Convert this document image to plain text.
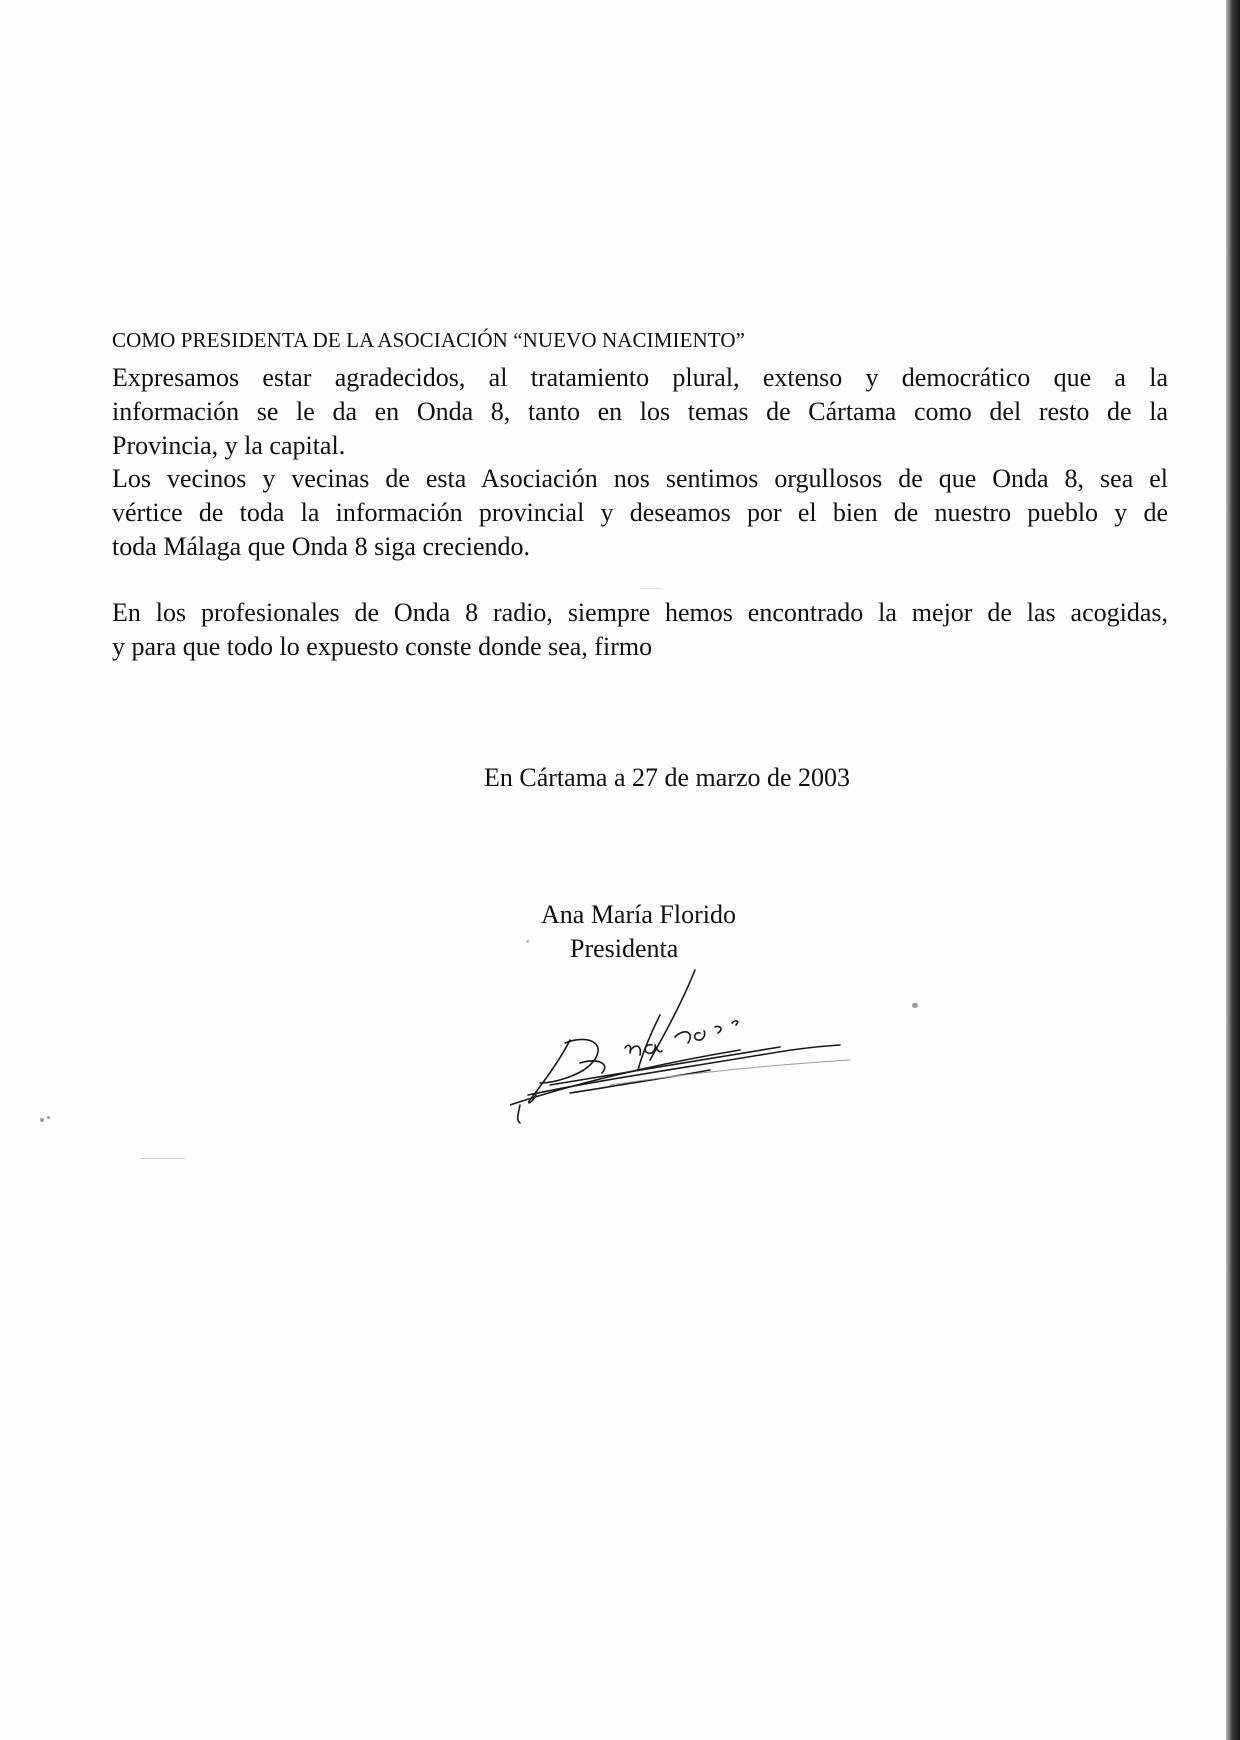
COMO PRESIDENTA DE LA ASOCIACIÓN “NUEVO NACIMIENTO”
Expresamos estar agradecidos, al tratamiento plural, extenso y democrático que a la
información se le da en Onda 8, tanto en los temas de Cártama como del resto de la
Provincia, y la capital.
Los vecinos y vecinas de esta Asociación nos sentimos orgullosos de que Onda 8, sea el
vértice de toda la información provincial y deseamos por el bien de nuestro pueblo y de
toda Málaga que Onda 8 siga creciendo.
En los profesionales de Onda 8 radio, siempre hemos encontrado la mejor de las acogidas,
y para que todo lo expuesto conste donde sea, firmo
En Cártama a 27 de marzo de 2003
Ana María Florido
Presidenta
